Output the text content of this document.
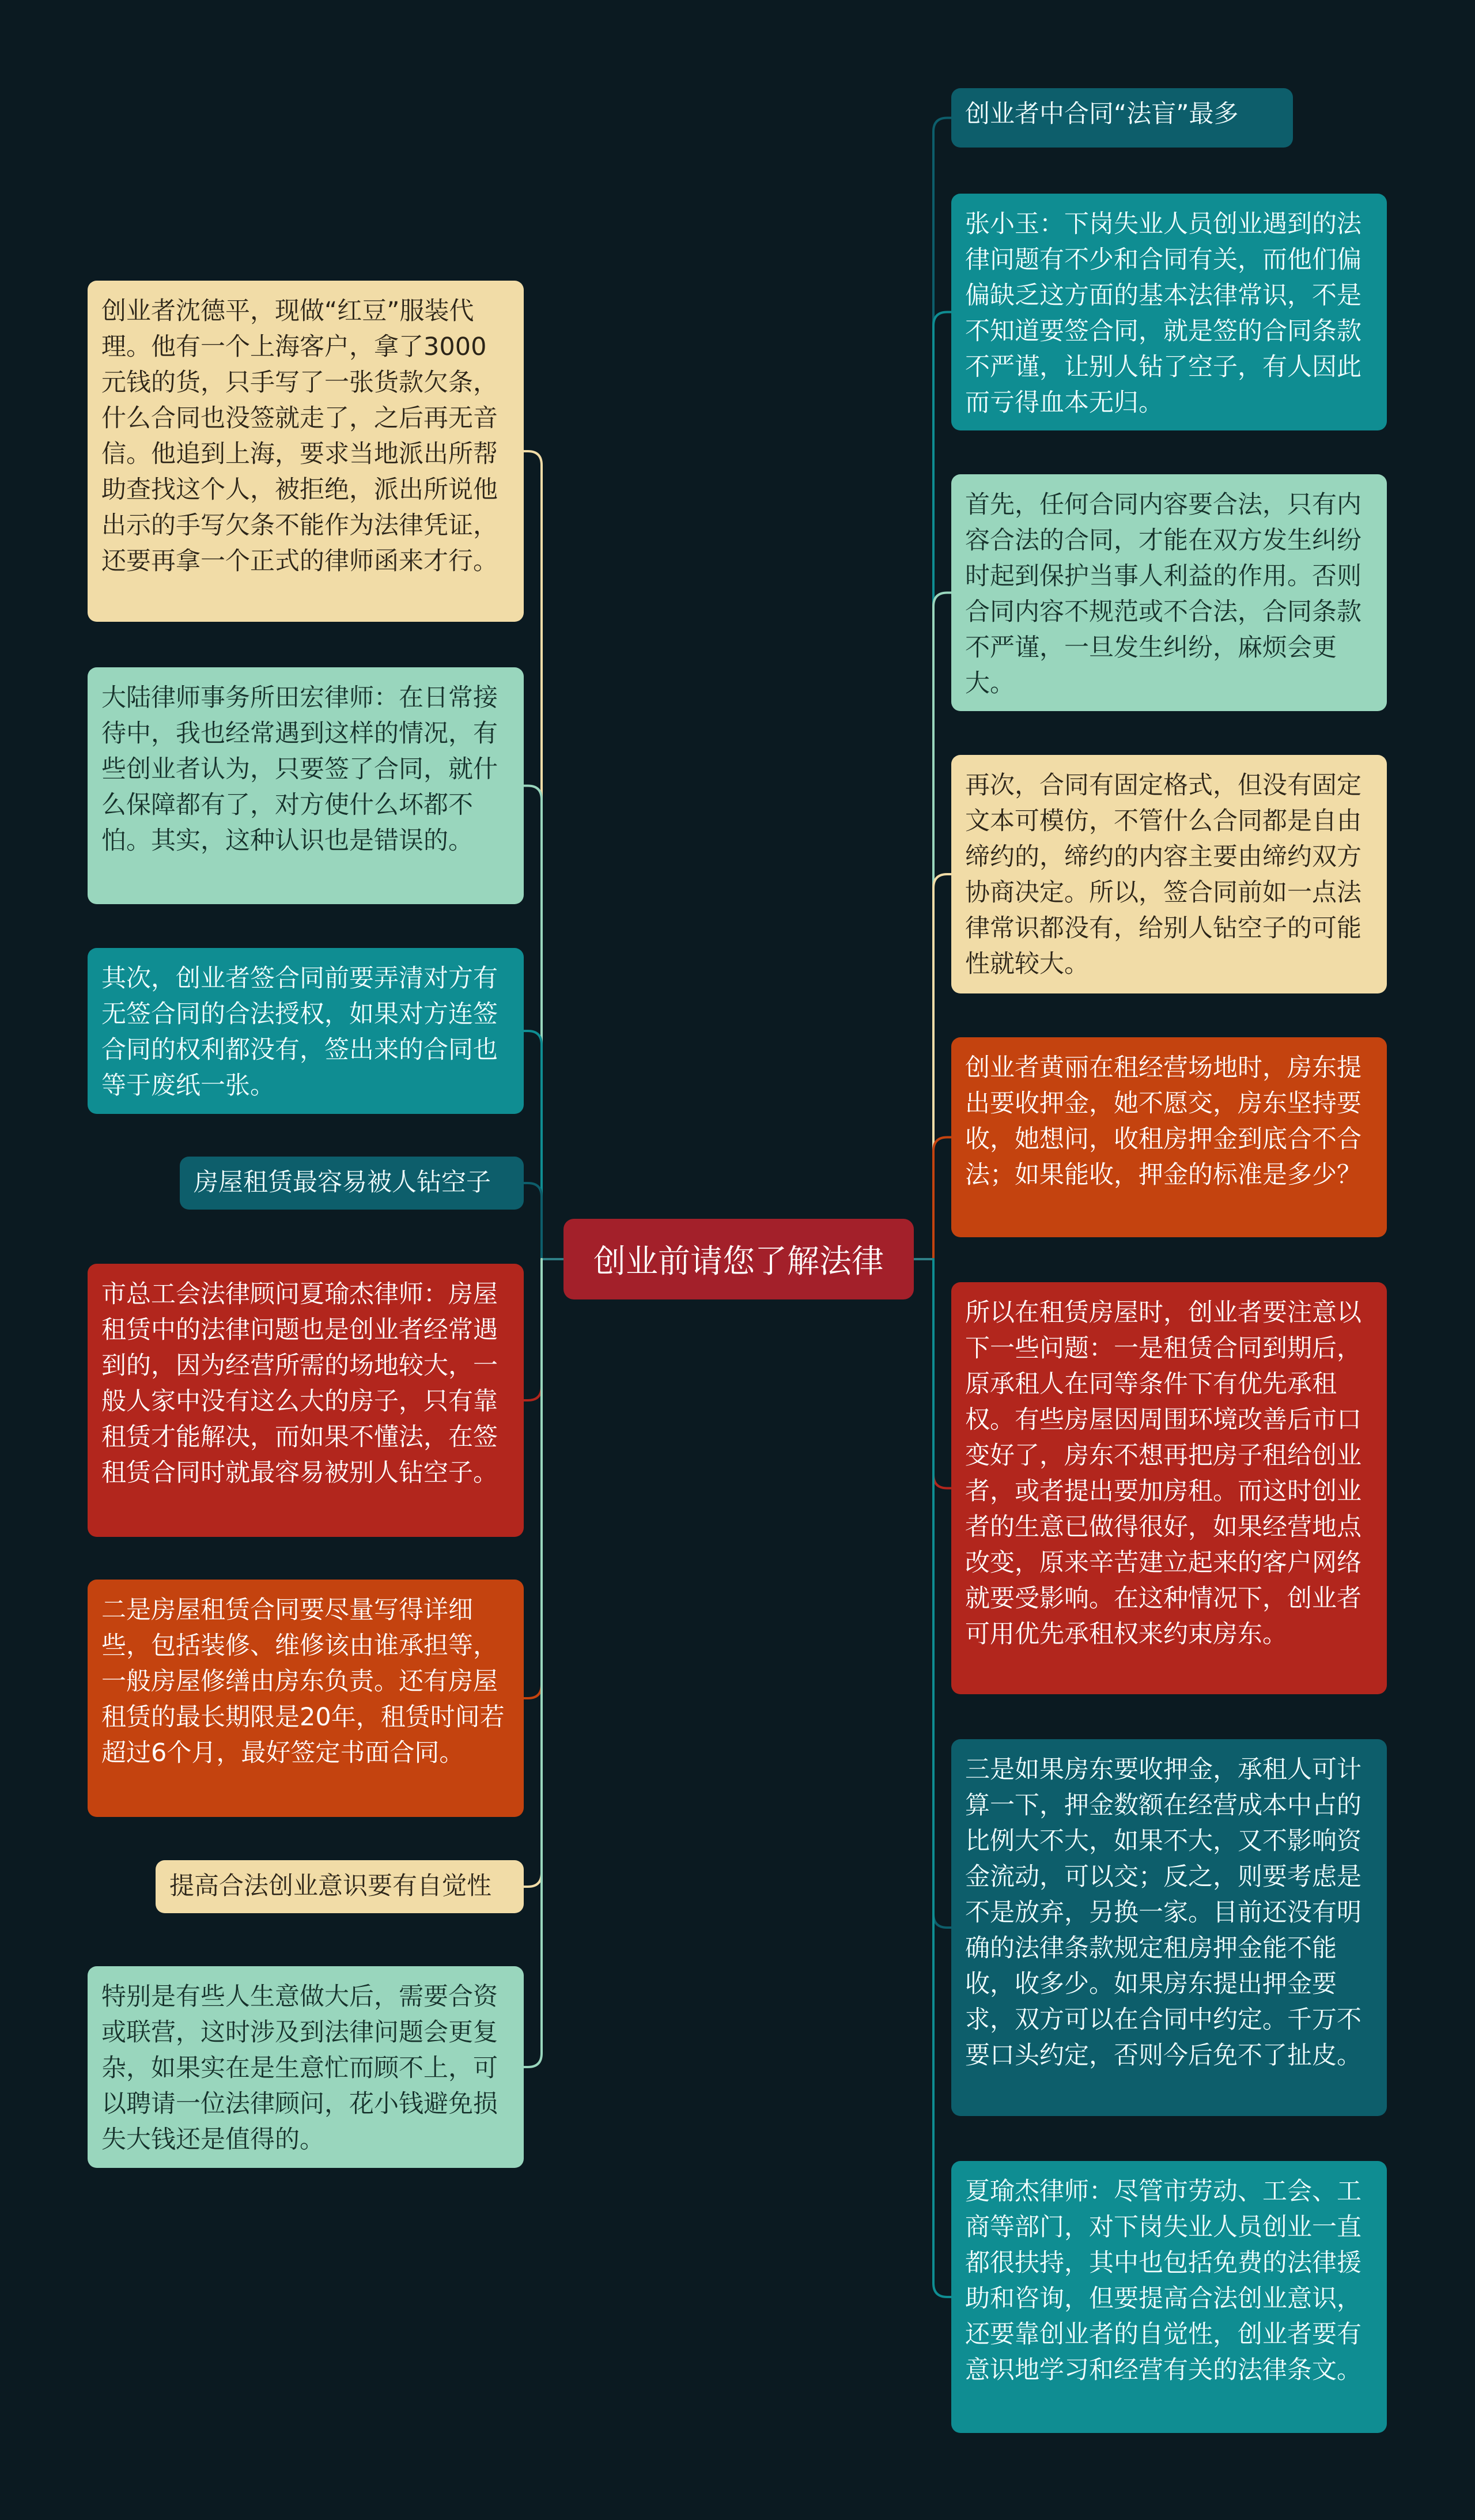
创业前请您了解法律
创业者沈德平，现做“红豆”服装代理。他有一个上海客户，拿了3000元钱的货，只手写了一张货款欠条，什么合同也没签就走了，之后再无音信。他追到上海，要求当地派出所帮助查找这个人，被拒绝，派出所说他出示的手写欠条不能作为法律凭证，还要再拿一个正式的律师函来才行。
大陆律师事务所田宏律师：在日常接待中，我也经常遇到这样的情况，有些创业者认为，只要签了合同，就什么保障都有了，对方使什么坏都不怕。其实，这种认识也是错误的。
其次，创业者签合同前要弄清对方有无签合同的合法授权，如果对方连签合同的权利都没有，签出来的合同也等于废纸一张。
房屋租赁最容易被人钻空子
市总工会法律顾问夏瑜杰律师：房屋租赁中的法律问题也是创业者经常遇到的，因为经营所需的场地较大，一般人家中没有这么大的房子，只有靠租赁才能解决，而如果不懂法，在签租赁合同时就最容易被别人钻空子。
二是房屋租赁合同要尽量写得详细些，包括装修、维修该由谁承担等，一般房屋修缮由房东负责。还有房屋租赁的最长期限是20年，租赁时间若超过6个月，最好签定书面合同。
提高合法创业意识要有自觉性
特别是有些人生意做大后，需要合资或联营，这时涉及到法律问题会更复杂，如果实在是生意忙而顾不上，可以聘请一位法律顾问，花小钱避免损失大钱还是值得的。
创业者中合同“法盲”最多
张小玉：下岗失业人员创业遇到的法律问题有不少和合同有关，而他们偏偏缺乏这方面的基本法律常识，不是不知道要签合同，就是签的合同条款不严谨，让别人钻了空子，有人因此而亏得血本无归。
首先，任何合同内容要合法，只有内容合法的合同，才能在双方发生纠纷时起到保护当事人利益的作用。否则合同内容不规范或不合法，合同条款不严谨，一旦发生纠纷，麻烦会更大。
再次，合同有固定格式，但没有固定文本可模仿，不管什么合同都是自由缔约的，缔约的内容主要由缔约双方协商决定。所以，签合同前如一点法律常识都没有，给别人钻空子的可能性就较大。
创业者黄丽在租经营场地时，房东提出要收押金，她不愿交，房东坚持要收，她想问，收租房押金到底合不合法；如果能收，押金的标准是多少？
所以在租赁房屋时，创业者要注意以下一些问题：一是租赁合同到期后，原承租人在同等条件下有优先承租权。有些房屋因周围环境改善后市口变好了，房东不想再把房子租给创业者，或者提出要加房租。而这时创业者的生意已做得很好，如果经营地点改变，原来辛苦建立起来的客户网络就要受影响。在这种情况下，创业者可用优先承租权来约束房东。
三是如果房东要收押金，承租人可计算一下，押金数额在经营成本中占的比例大不大，如果不大，又不影响资金流动，可以交；反之，则要考虑是不是放弃，另换一家。目前还没有明确的法律条款规定租房押金能不能收，收多少。如果房东提出押金要求，双方可以在合同中约定。千万不要口头约定，否则今后免不了扯皮。
夏瑜杰律师：尽管市劳动、工会、工商等部门，对下岗失业人员创业一直都很扶持，其中也包括免费的法律援助和咨询，但要提高合法创业意识，还要靠创业者的自觉性，创业者要有意识地学习和经营有关的法律条文。
